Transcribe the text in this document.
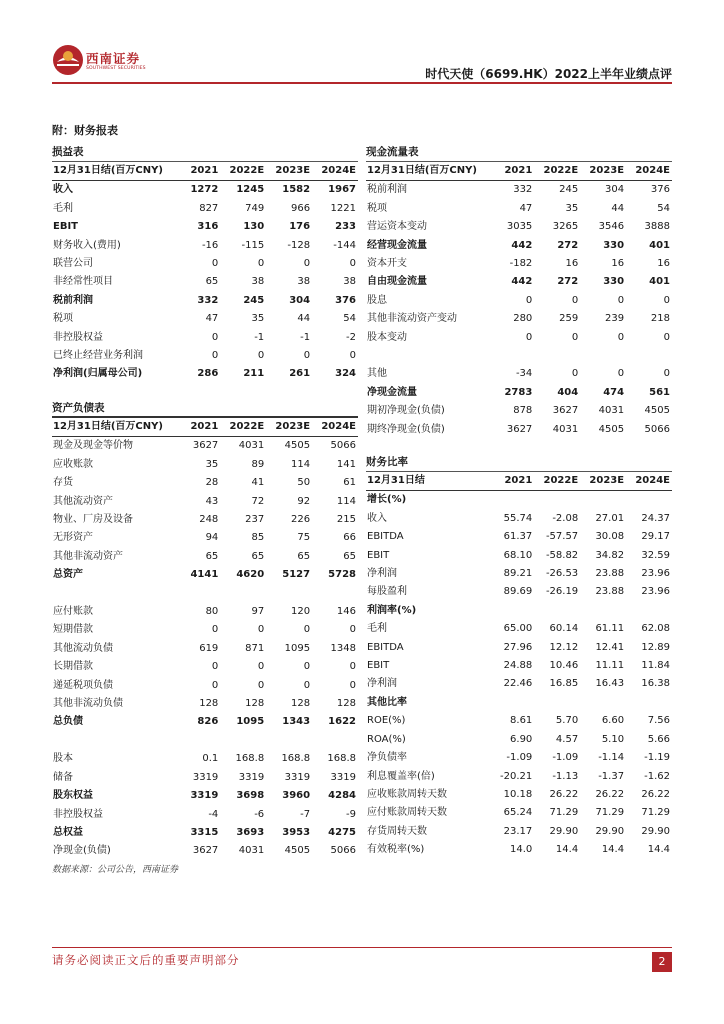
西南证券
SOUTHWEST SECURITIES	时代天使（6699.HK）2022上半年业绩点评
附：财务报表
损益表
12月31日结(百万CNY)	2021	2022E	2023E	2024E
收入	1272	1245	1582	1967
毛利	827	749	966	1221
EBIT	316	130	176	233
财务收入(费用)	-16	-115	-128	-144
联营公司	0	0	0	0
非经常性项目	65	38	38	38
税前利润	332	245	304	376
税项	47	35	44	54
非控股权益	0	-1	-1	-2
已终止经营业务利润	0	0	0	0
净利润(归属母公司)	286	211	261	324
资产负债表
12月31日结(百万CNY)	2021	2022E	2023E	2024E
现金及现金等价物	3627	4031	4505	5066
应收账款	35	89	114	141
存货	28	41	50	61
其他流动资产	43	72	92	114
物业、厂房及设备	248	237	226	215
无形资产	94	85	75	66
其他非流动资产	65	65	65	65
总资产	4141	4620	5127	5728

应付账款	80	97	120	146
短期借款	0	0	0	0
其他流动负债	619	871	1095	1348
长期借款	0	0	0	0
递延税项负债	0	0	0	0
其他非流动负债	128	128	128	128
总负债	826	1095	1343	1622

股本	0.1	168.8	168.8	168.8
储备	3319	3319	3319	3319
股东权益	3319	3698	3960	4284
非控股权益	-4	-6	-7	-9
总权益	3315	3693	3953	4275
净现金(负债)	3627	4031	4505	5066
现金流量表
12月31日结(百万CNY)	2021	2022E	2023E	2024E
税前利润	332	245	304	376
税项	47	35	44	54
营运资本变动	3035	3265	3546	3888
经营现金流量	442	272	330	401
资本开支	-182	16	16	16
自由现金流量	442	272	330	401
股息	0	0	0	0
其他非流动资产变动	280	259	239	218
股本变动	0	0	0	0

其他	-34	0	0	0
净现金流量	2783	404	474	561
期初净现金(负债)	878	3627	4031	4505
期终净现金(负债)	3627	4031	4505	5066
财务比率
12月31日结	2021	2022E	2023E	2024E
增长(%)				
收入	55.74	-2.08	27.01	24.37
EBITDA	61.37	-57.57	30.08	29.17
EBIT	68.10	-58.82	34.82	32.59
净利润	89.21	-26.53	23.88	23.96
每股盈利	89.69	-26.19	23.88	23.96
利润率(%)				
毛利	65.00	60.14	61.11	62.08
EBITDA	27.96	12.12	12.41	12.89
EBIT	24.88	10.46	11.11	11.84
净利润	22.46	16.85	16.43	16.38
其他比率				
ROE(%)	8.61	5.70	6.60	7.56
ROA(%)	6.90	4.57	5.10	5.66
净负债率	-1.09	-1.09	-1.14	-1.19
利息覆盖率(倍)	-20.21	-1.13	-1.37	-1.62
应收账款周转天数	10.18	26.22	26.22	26.22
应付账款周转天数	65.24	71.29	71.29	71.29
存货周转天数	23.17	29.90	29.90	29.90
有效税率(%)	14.0	14.4	14.4	14.4
数据来源：公司公告，西南证券
请务必阅读正文后的重要声明部分	2
